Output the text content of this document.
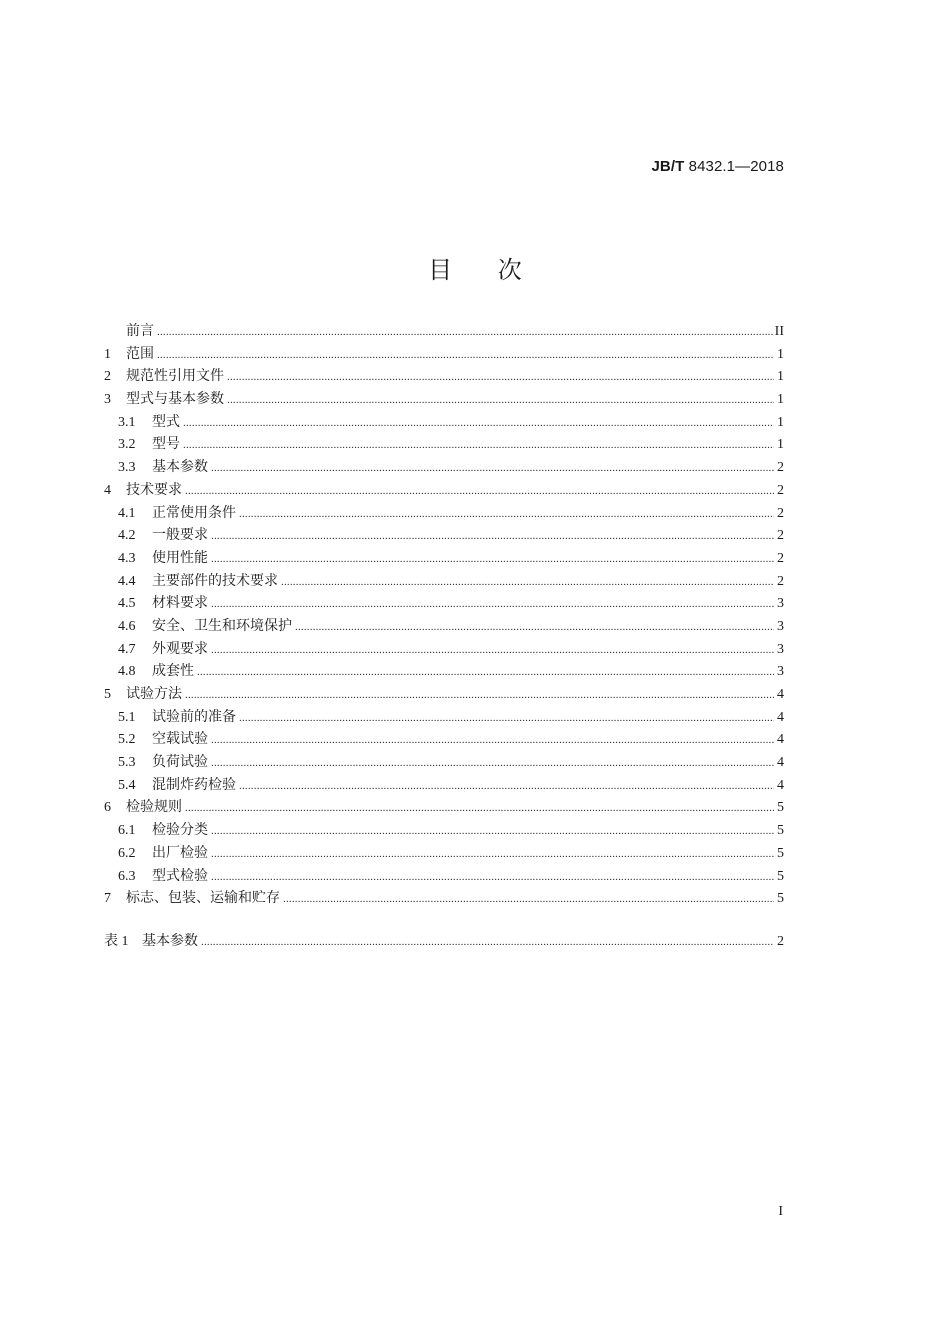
JB/T 8432.1—2018
目 次
前言 .....	II
1	范围 .....	1
2	规范性引用文件 .....	1
3	型式与基本参数 .....	1
3.1	型式 .....	1
3.2	型号 .....	1
3.3	基本参数 .....	2
4	技术要求 .....	2
4.1	正常使用条件 .....	2
4.2	一般要求 .....	2
4.3	使用性能 .....	2
4.4	主要部件的技术要求 .....	2
4.5	材料要求 .....	3
4.6	安全、卫生和环境保护 .....	3
4.7	外观要求 .....	3
4.8	成套性 .....	3
5	试验方法 .....	4
5.1	试验前的准备 .....	4
5.2	空载试验 .....	4
5.3	负荷试验 .....	4
5.4	混制炸药检验 .....	4
6	检验规则 .....	5
6.1	检验分类 .....	5
6.2	出厂检验 .....	5
6.3	型式检验 .....	5
7	标志、包装、运输和贮存 .....	5
表 1 基本参数 .....	2
I
